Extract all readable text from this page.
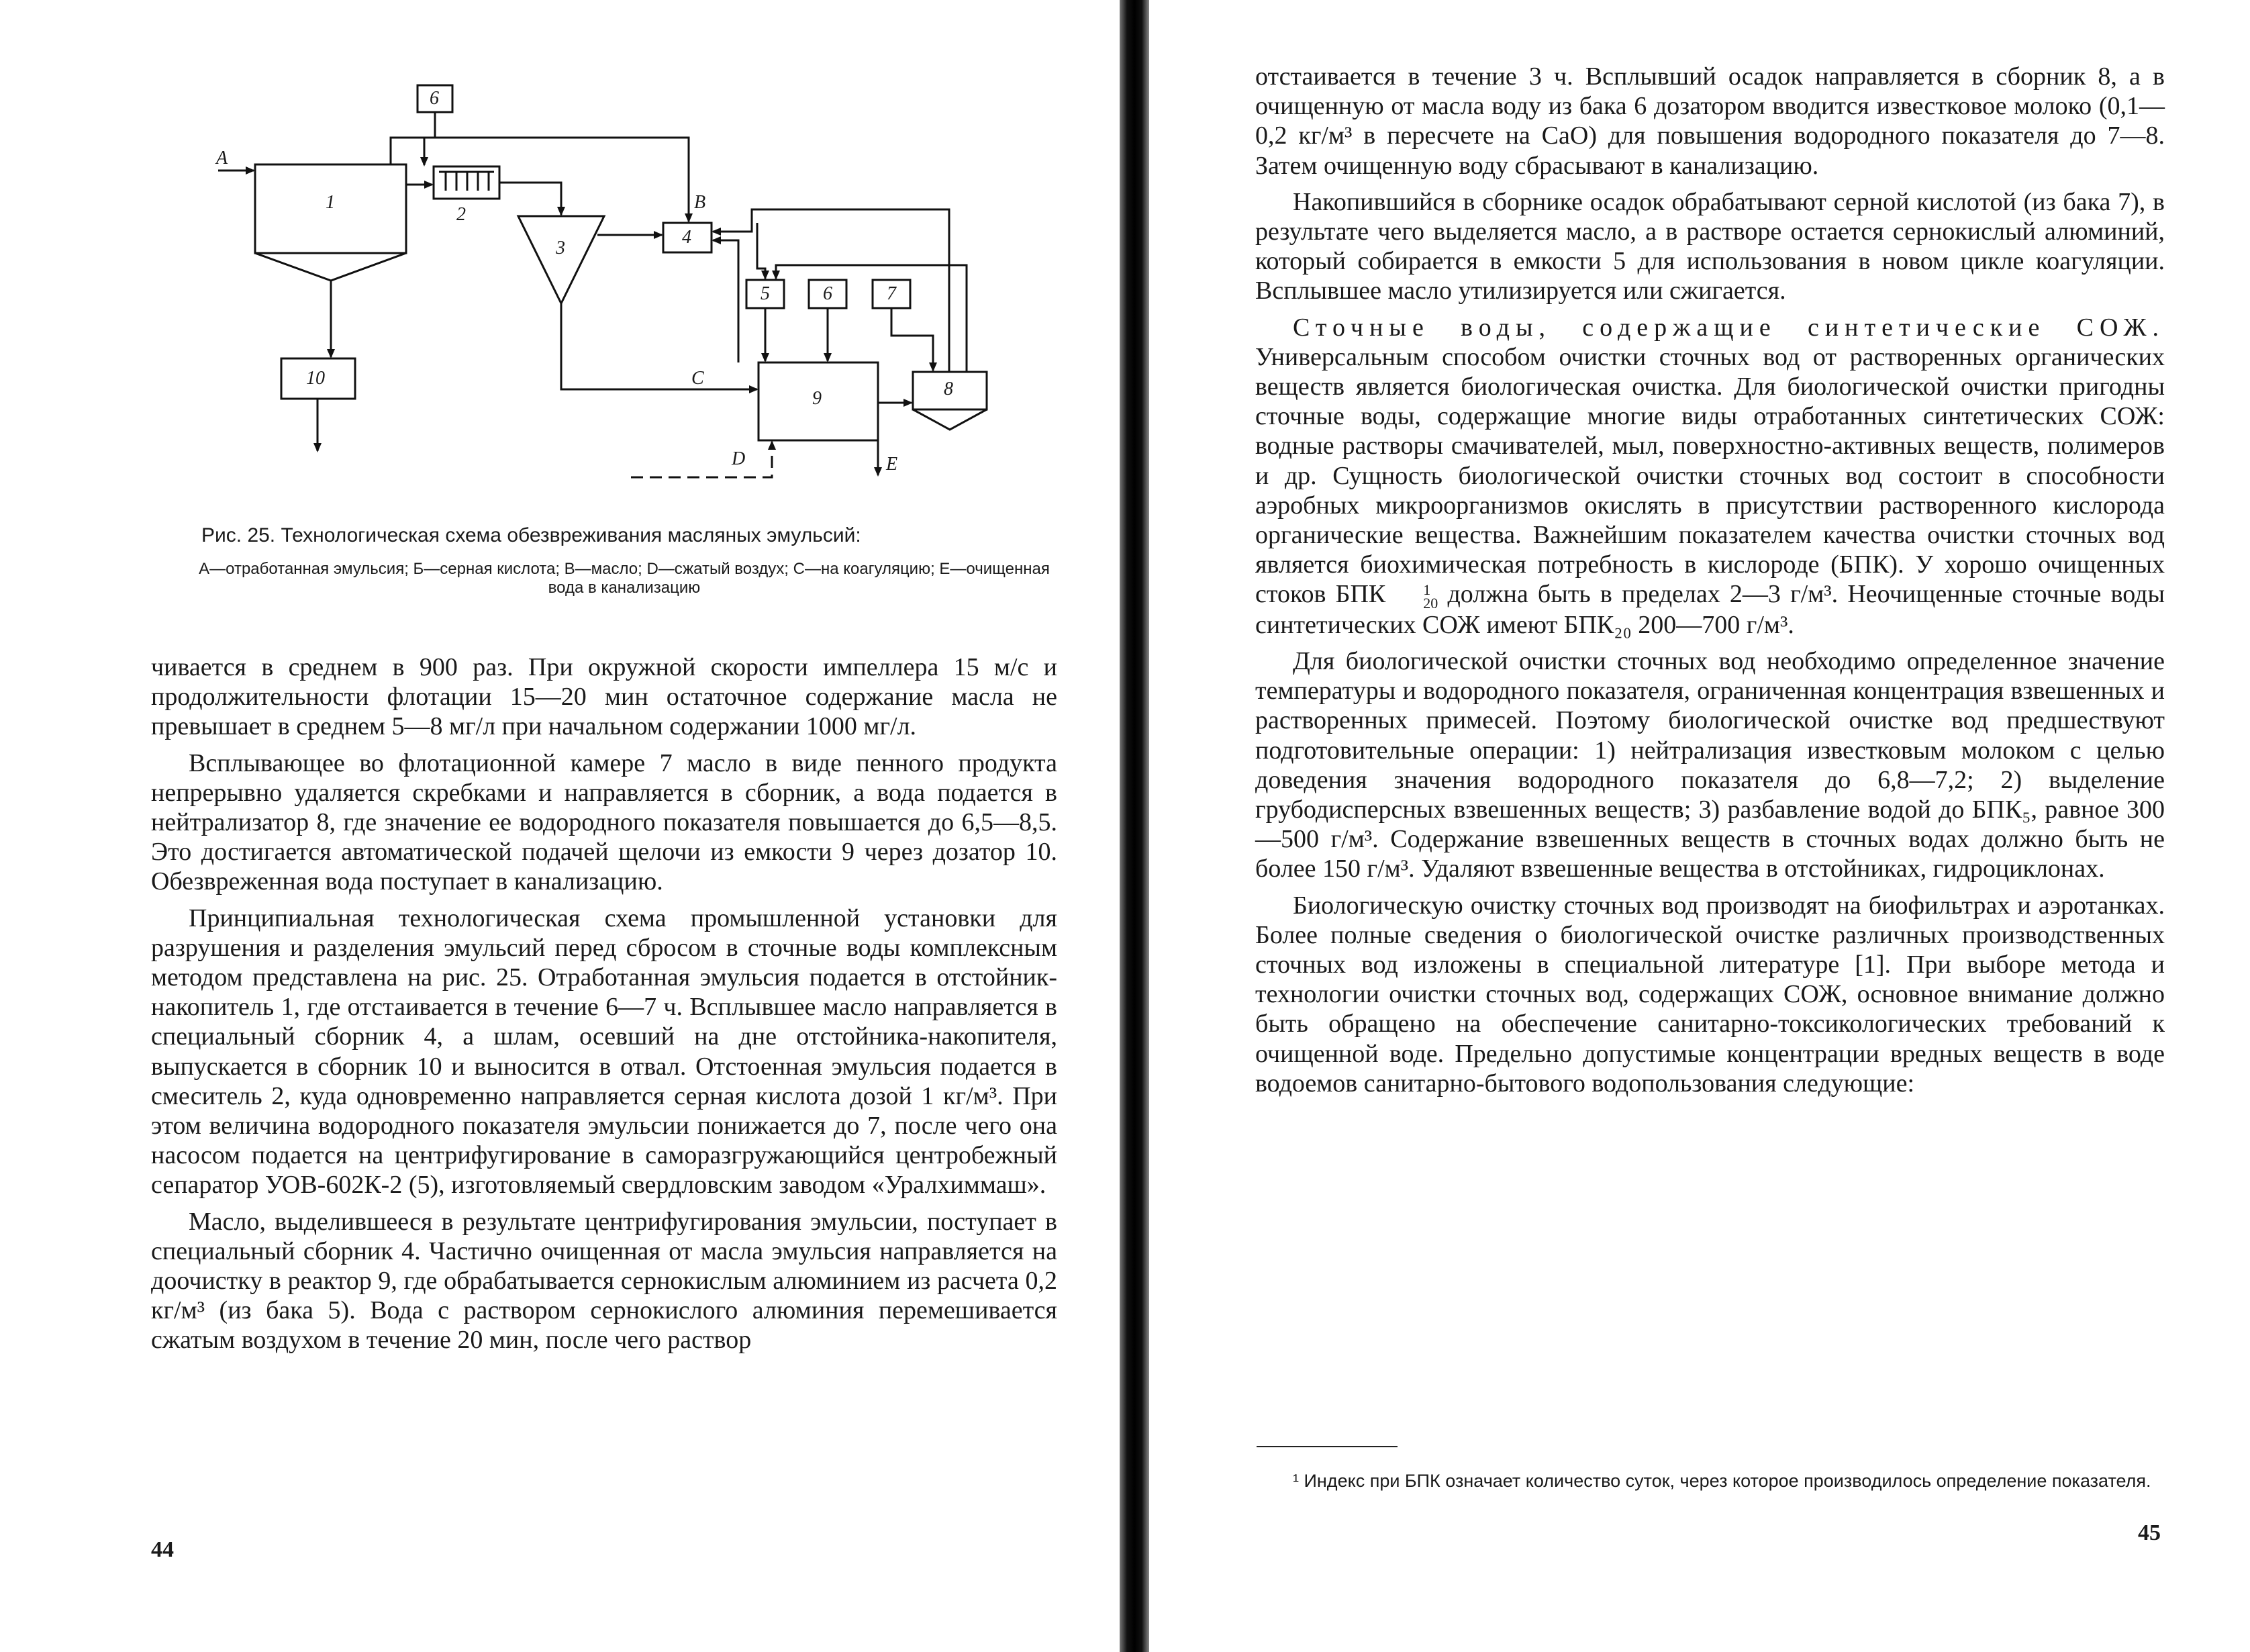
A
1
6
2
3
B
4
5	6	7
C
9	8
10
D	E
Рис. 25. Технологическая схема обезвреживания масляных эмульсий:
А—отработанная эмульсия; Б—серная кислота; В—масло; D—сжатый воздух; С—на коагуляцию; Е—очищенная вода в канализацию

чивается в среднем в 900 раз. При окружной скорости импеллера 15 м/с и продолжительности флотации 15—20 мин остаточное содержание масла не превышает в среднем 5—8 мг/л при начальном содержании 1000 мг/л.

Всплывающее во флотационной камере 7 масло в виде пенного продукта непрерывно удаляется скребками и направляется в сборник, а вода подается в нейтрализатор 8, где значение ее водородного показателя повышается до 6,5—8,5. Это достигается автоматической подачей щелочи из емкости 9 через дозатор 10. Обезвреженная вода поступает в канализацию.

Принципиальная технологическая схема промышленной установки для разрушения и разделения эмульсий перед сбросом в сточные воды комплексным методом представлена на рис. 25. Отработанная эмульсия подается в отстойник-накопитель 1, где отстаивается в течение 6—7 ч. Всплывшее масло направляется в специальный сборник 4, а шлам, осевший на дне отстойника-накопителя, выпускается в сборник 10 и выносится в отвал. Отстоенная эмульсия подается в смеситель 2, куда одновременно направляется серная кислота дозой 1 кг/м³. При этом величина водородного показателя эмульсии понижается до 7, после чего она насосом подается на центрифугирование в саморазгружающийся центробежный сепаратор УОВ-602К-2 (5), изготовляемый свердловским заводом «Уралхиммаш».

Масло, выделившееся в результате центрифугирования эмульсии, поступает в специальный сборник 4. Частично очищенная от масла эмульсия направляется на доочистку в реактор 9, где обрабатывается сернокислым алюминием из расчета 0,2 кг/м³ (из бака 5). Вода с раствором сернокислого алюминия перемешивается сжатым воздухом в течение 20 мин, после чего раствор

44

отстаивается в течение 3 ч. Всплывший осадок направляется в сборник 8, а в очищенную от масла воду из бака 6 дозатором вводится известковое молоко (0,1—0,2 кг/м³ в пересчете на СаО) для повышения водородного показателя до 7—8. Затем очищенную воду сбрасывают в канализацию.

Накопившийся в сборнике осадок обрабатывают серной кислотой (из бака 7), в результате чего выделяется масло, а в растворе остается сернокислый алюминий, который собирается в емкости 5 для использования в новом цикле коагуляции. Всплывшее масло утилизируется или сжигается.

Сточные воды, содержащие синтетические СОЖ. Универсальным способом очистки сточных вод от растворенных органических веществ является биологическая очистка. Для биологической очистки пригодны сточные воды, содержащие многие виды отработанных синтетических СОЖ: водные растворы смачивателей, мыл, поверхностно-активных веществ, полимеров и др. Сущность биологической очистки сточных вод состоит в способности аэробных микроорганизмов окислять в присутствии растворенного кислорода органические вещества. Важнейшим показателем качества очистки сточных вод является биохимическая потребность в кислороде (БПК). У хорошо очищенных стоков БПК	1
20 должна быть в пределах 2—3 г/м³. Неочищенные сточные воды синтетических СОЖ имеют БПК₂₀ 200—700 г/м³.

Для биологической очистки сточных вод необходимо определенное значение температуры и водородного показателя, ограниченная концентрация взвешенных и растворенных примесей. Поэтому биологической очистке вод предшествуют подготовительные операции: 1) нейтрализация известковым молоком с целью доведения значения водородного показателя до 6,8—7,2; 2) выделение грубодисперсных взвешенных веществ; 3) разбавление водой до БПК₅, равное 300—500 г/м³. Содержание взвешенных веществ в сточных водах должно быть не более 150 г/м³. Удаляют взвешенные вещества в отстойниках, гидроциклонах.

Биологическую очистку сточных вод производят на биофильтрах и аэротанках. Более полные сведения о биологической очистке различных производственных сточных вод изложены в специальной литературе [1]. При выборе метода и технологии очистки сточных вод, содержащих СОЖ, основное внимание должно быть обращено на обеспечение санитарно-токсикологических требований к очищенной воде. Предельно допустимые концентрации вредных веществ в воде водоемов санитарно-бытового водопользования следующие:

¹ Индекс при БПК означает количество суток, через которое производилось определение показателя.
45
